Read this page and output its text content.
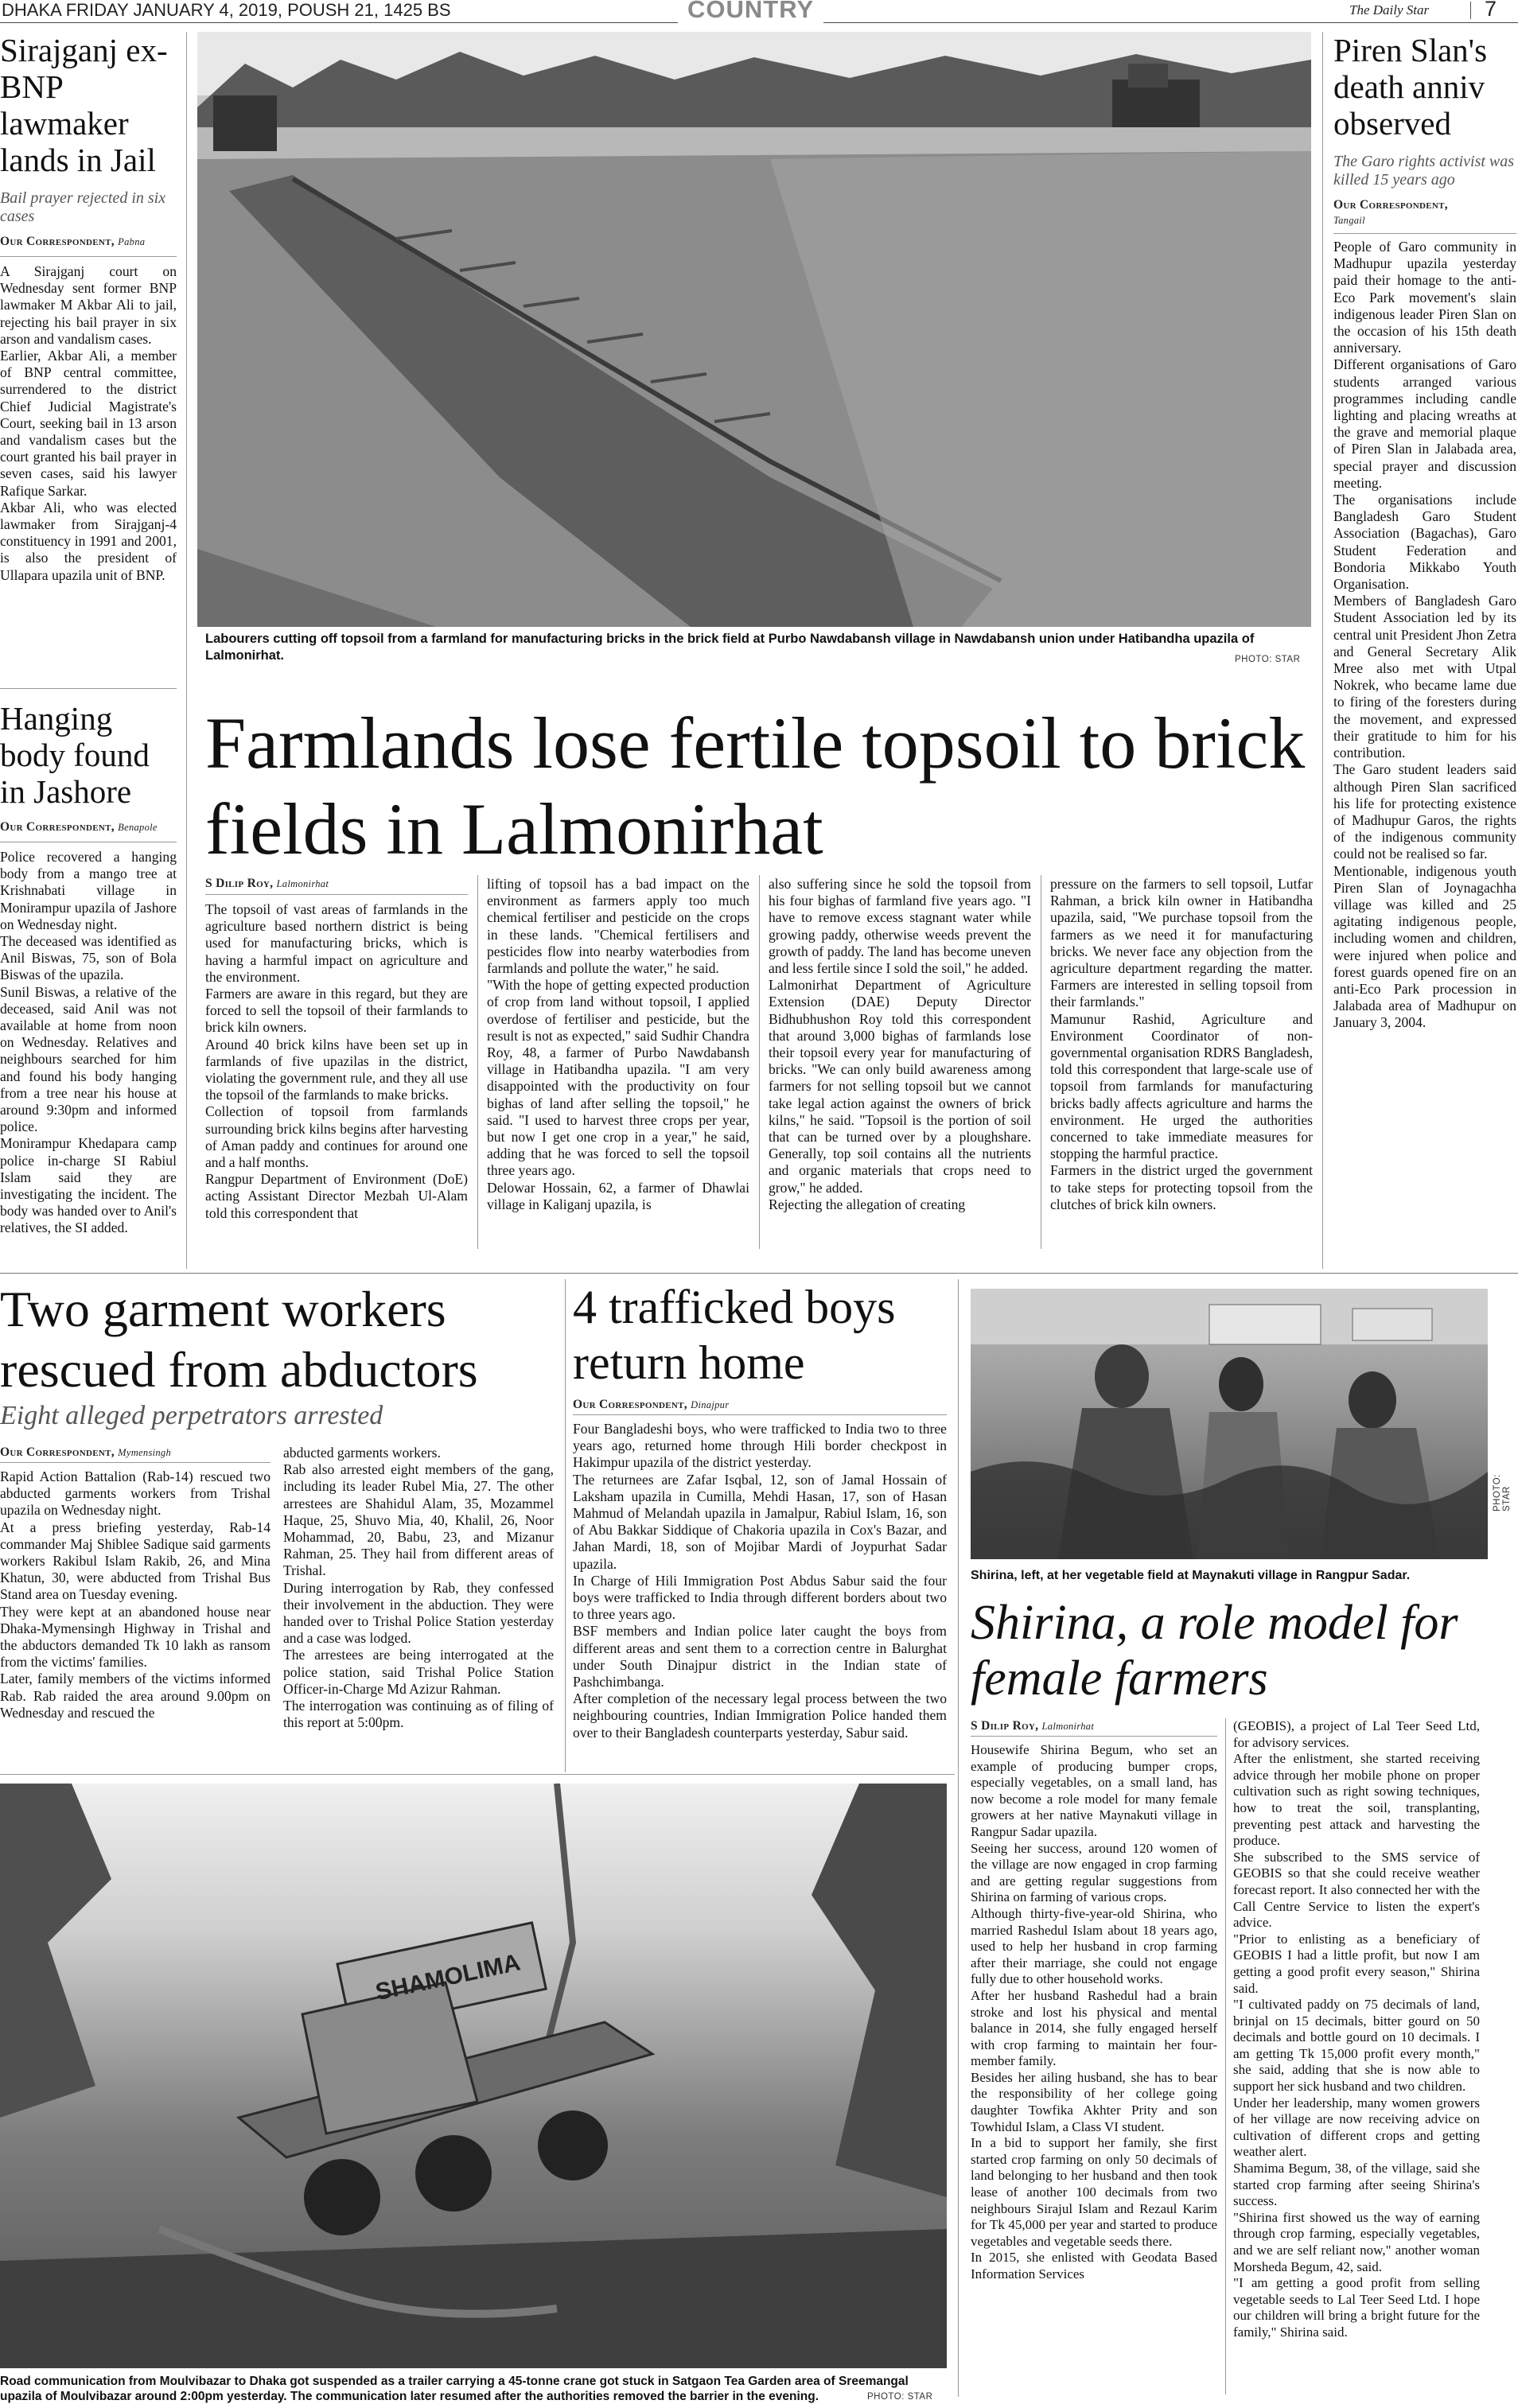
DHAKA FRIDAY JANUARY 4, 2019, POUSH 21, 1425 BS	COUNTRY	The Daily Star	7
Sirajganj ex-BNP lawmaker lands in Jail
Bail prayer rejected in six cases
Our Correspondent, Pabna
A Sirajganj court on Wednesday sent former BNP lawmaker M Akbar Ali to jail, rejecting his bail prayer in six arson and vandalism cases.
Earlier, Akbar Ali, a member of BNP central committee, surrendered to the district Chief Judicial Magistrate's Court, seeking bail in 13 arson and vandalism cases but the court granted his bail prayer in seven cases, said his lawyer Rafique Sarkar.
Akbar Ali, who was elected lawmaker from Sirajganj-4 constituency in 1991 and 2001, is also the president of Ullapara upazila unit of BNP.
Hanging body found in Jashore
Our Correspondent, Benapole
Police recovered a hanging body from a mango tree at Krishnabati village in Monirampur upazila of Jashore on Wednesday night.
The deceased was identified as Anil Biswas, 75, son of Bola Biswas of the upazila.
Sunil Biswas, a relative of the deceased, said Anil was not available at home from noon on Wednesday. Relatives and neighbours searched for him and found his body hanging from a tree near his house at around 9:30pm and informed police.
Monirampur Khedapara camp police in-charge SI Rabiul Islam said they are investigating the incident. The body was handed over to Anil's relatives, the SI added.
Labourers cutting off topsoil from a farmland for manufacturing bricks in the brick field at Purbo Nawdabansh village in Nawdabansh union under Hatibandha upazila of Lalmonirhat.	PHOTO: STAR
Farmlands lose fertile topsoil to brick fields in Lalmonirhat
S Dilip Roy, Lalmonirhat
The topsoil of vast areas of farmlands in the agriculture based northern district is being used for manufacturing bricks, which is having a harmful impact on agriculture and the environment.
Farmers are aware in this regard, but they are forced to sell the topsoil of their farmlands to brick kiln owners.
Around 40 brick kilns have been set up in farmlands of five upazilas in the district, violating the government rule, and they all use the topsoil of the farmlands to make bricks.
Collection of topsoil from farmlands surrounding brick kilns begins after harvesting of Aman paddy and continues for around one and a half months.
Rangpur Department of Environment (DoE) acting Assistant Director Mezbah Ul-Alam told this correspondent that
lifting of topsoil has a bad impact on the environment as farmers apply too much chemical fertiliser and pesticide on the crops in these lands. "Chemical fertilisers and pesticides flow into nearby waterbodies from farmlands and pollute the water," he said.
"With the hope of getting expected production of crop from land without topsoil, I applied overdose of fertiliser and pesticide, but the result is not as expected," said Sudhir Chandra Roy, 48, a farmer of Purbo Nawdabansh village in Hatibandha upazila. "I am very disappointed with the productivity on four bighas of land after selling the topsoil," he said. "I used to harvest three crops per year, but now I get one crop in a year," he said, adding that he was forced to sell the topsoil three years ago.
Delowar Hossain, 62, a farmer of Dhawlai village in Kaliganj upazila, is
also suffering since he sold the topsoil from his four bighas of farmland five years ago. "I have to remove excess stagnant water while growing paddy, otherwise weeds prevent the growth of paddy. The land has become uneven and less fertile since I sold the soil," he added.
Lalmonirhat Department of Agriculture Extension (DAE) Deputy Director Bidhubhushon Roy told this correspondent that around 3,000 bighas of farmlands lose their topsoil every year for manufacturing of bricks. "We can only build awareness among farmers for not selling topsoil but we cannot take legal action against the owners of brick kilns," he said. "Topsoil is the portion of soil that can be turned over by a ploughshare. Generally, top soil contains all the nutrients and organic materials that crops need to grow," he added.
Rejecting the allegation of creating
pressure on the farmers to sell topsoil, Lutfar Rahman, a brick kiln owner in Hatibandha upazila, said, "We purchase topsoil from the farmers as we need it for manufacturing bricks. We never face any objection from the agriculture department regarding the matter. Farmers are interested in selling topsoil from their farmlands."
Mamunur Rashid, Agriculture and Environment Coordinator of non-governmental organisation RDRS Bangladesh, told this correspondent that large-scale use of topsoil from farmlands for manufacturing bricks badly affects agriculture and harms the environment. He urged the authorities concerned to take immediate measures for stopping the harmful practice.
Farmers in the district urged the government to take steps for protecting topsoil from the clutches of brick kiln owners.
Piren Slan's death anniv observed
The Garo rights activist was killed 15 years ago
Our Correspondent,
Tangail
People of Garo community in Madhupur upazila yesterday paid their homage to the anti-Eco Park movement's slain indigenous leader Piren Slan on the occasion of his 15th death anniversary.
Different organisations of Garo students arranged various programmes including candle lighting and placing wreaths at the grave and memorial plaque of Piren Slan in Jalabada area, special prayer and discussion meeting.
The organisations include Bangladesh Garo Student Association (Bagachas), Garo Student Federation and Bondoria Mikkabo Youth Organisation.
Members of Bangladesh Garo Student Association led by its central unit President Jhon Zetra and General Secretary Alik Mree also met with Utpal Nokrek, who became lame due to firing of the foresters during the movement, and expressed their gratitude to him for his contribution.
The Garo student leaders said although Piren Slan sacrificed his life for protecting existence of Madhupur Garos, the rights of the indigenous community could not be realised so far.
Mentionable, indigenous youth Piren Slan of Joynagachha village was killed and 25 agitating indigenous people, including women and children, were injured when police and forest guards opened fire on an anti-Eco Park procession in Jalabada area of Madhupur on January 3, 2004.
Two garment workers rescued from abductors
Eight alleged perpetrators arrested
Our Correspondent, Mymensingh
Rapid Action Battalion (Rab-14) rescued two abducted garments workers from Trishal upazila on Wednesday night.
At a press briefing yesterday, Rab-14 commander Maj Shiblee Sadique said garments workers Rakibul Islam Rakib, 26, and Mina Khatun, 30, were abducted from Trishal Bus Stand area on Tuesday evening.
They were kept at an abandoned house near Dhaka-Mymensingh Highway in Trishal and the abductors demanded Tk 10 lakh as ransom from the victims' families.
Later, family members of the victims informed Rab. Rab raided the area around 9.00pm on Wednesday and rescued the
abducted garments workers.
Rab also arrested eight members of the gang, including its leader Rubel Mia, 27. The other arrestees are Shahidul Alam, 35, Mozammel Haque, 25, Shuvo Mia, 40, Khalil, 26, Noor Mohammad, 20, Babu, 23, and Mizanur Rahman, 25. They hail from different areas of Trishal.
During interrogation by Rab, they confessed their involvement in the abduction. They were handed over to Trishal Police Station yesterday and a case was lodged.
The arrestees are being interrogated at the police station, said Trishal Police Station Officer-in-Charge Md Azizur Rahman.
The interrogation was continuing as of filing of this report at 5:00pm.
4 trafficked boys return home
Our Correspondent, Dinajpur
Four Bangladeshi boys, who were trafficked to India two to three years ago, returned home through Hili border checkpost in Hakimpur upazila of the district yesterday.
The returnees are Zafar Isqbal, 12, son of Jamal Hossain of Laksham upazila in Cumilla, Mehdi Hasan, 17, son of Hasan Mahmud of Melandah upazila in Jamalpur, Rabiul Islam, 16, son of Abu Bakkar Siddique of Chakoria upazila in Cox's Bazar, and Jahan Mardi, 18, son of Mojibar Mardi of Joypurhat Sadar upazila.
In Charge of Hili Immigration Post Abdus Sabur said the four boys were trafficked to India through different borders about two to three years ago.
BSF members and Indian police later caught the boys from different areas and sent them to a correction centre in Balurghat under South Dinajpur district in the Indian state of Pashchimbanga.
After completion of the necessary legal process between the two neighbouring countries, Indian Immigration Police handed them over to their Bangladesh counterparts yesterday, Sabur said.
PHOTO: STAR
Shirina, left, at her vegetable field at Maynakuti village in Rangpur Sadar.
Shirina, a role model for female farmers
S Dilip Roy, Lalmonirhat
Housewife Shirina Begum, who set an example of producing bumper crops, especially vegetables, on a small land, has now become a role model for many female growers at her native Maynakuti village in Rangpur Sadar upazila.
Seeing her success, around 120 women of the village are now engaged in crop farming and are getting regular suggestions from Shirina on farming of various crops.
Although thirty-five-year-old Shirina, who married Rashedul Islam about 18 years ago, used to help her husband in crop farming after their marriage, she could not engage fully due to other household works.
After her husband Rashedul had a brain stroke and lost his physical and mental balance in 2014, she fully engaged herself with crop farming to maintain her four-member family.
Besides her ailing husband, she has to bear the responsibility of her college going daughter Towfika Akhter Prity and son Towhidul Islam, a Class VI student.
In a bid to support her family, she first started crop farming on only 50 decimals of land belonging to her husband and then took lease of another 100 decimals from two neighbours Sirajul Islam and Rezaul Karim for Tk 45,000 per year and started to produce vegetables and vegetable seeds there.
In 2015, she enlisted with Geodata Based Information Services
(GEOBIS), a project of Lal Teer Seed Ltd, for advisory services.
After the enlistment, she started receiving advice through her mobile phone on proper cultivation such as right sowing techniques, how to treat the soil, transplanting, preventing pest attack and harvesting the produce.
She subscribed to the SMS service of GEOBIS so that she could receive weather forecast report. It also connected her with the Call Centre Service to listen the expert's advice.
"Prior to enlisting as a beneficiary of GEOBIS I had a little profit, but now I am getting a good profit every season," Shirina said.
"I cultivated paddy on 75 decimals of land, brinjal on 15 decimals, bitter gourd on 50 decimals and bottle gourd on 10 decimals. I am getting Tk 15,000 profit every month," she said, adding that she is now able to support her sick husband and two children.
Under her leadership, many women growers of her village are now receiving advice on cultivation of different crops and getting weather alert.
Shamima Begum, 38, of the village, said she started crop farming after seeing Shirina's success.
"Shirina first showed us the way of earning through crop farming, especially vegetables, and we are self reliant now," another woman Morsheda Begum, 42, said.
"I am getting a good profit from selling vegetable seeds to Lal Teer Seed Ltd. I hope our children will bring a bright future for the family," Shirina said.
SHAMOLIMA
Road communication from Moulvibazar to Dhaka got suspended as a trailer carrying a 45-tonne crane got stuck in Satgaon Tea Garden area of Sreemangal upazila of Moulvibazar around 2:00pm yesterday. The communication later resumed after the authorities removed the barrier in the evening.	PHOTO: STAR
